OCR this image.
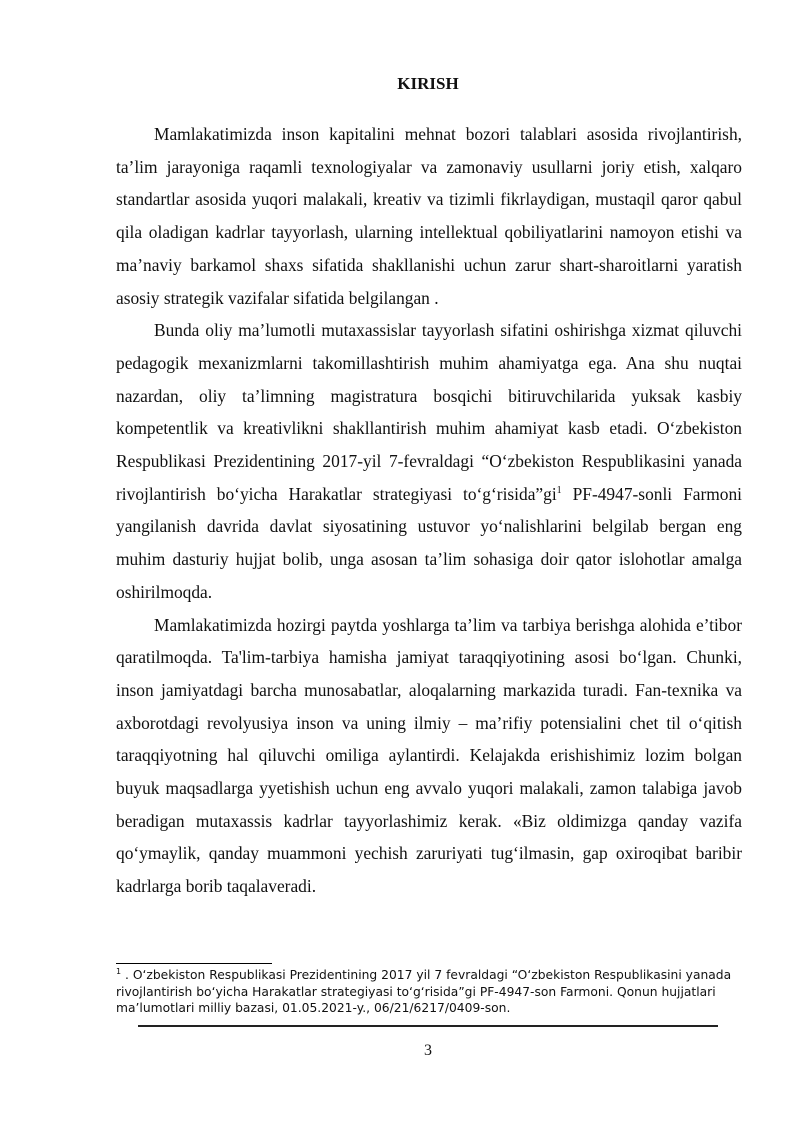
KIRISH

Mamlakatimizda inson kapitalini mehnat bozori talablari asosida rivojlantirish, ta’lim jarayoniga raqamli texnologiyalar va zamonaviy usullarni joriy etish, xalqaro standartlar asosida yuqori malakali, kreativ va tizimli fikrlaydigan, mustaqil qaror qabul qila oladigan kadrlar tayyorlash, ularning intellektual qobiliyatlarini namoyon etishi va ma’naviy barkamol shaxs sifatida shakllanishi uchun zarur shart-sharoitlarni yaratish asosiy strategik vazifalar sifatida belgilangan .

Bunda oliy ma’lumotli mutaxassislar tayyorlash sifatini oshirishga xizmat qiluvchi pedagogik mexanizmlarni takomillashtirish muhim ahamiyatga ega. Ana shu nuqtai nazardan, oliy ta’limning magistratura bosqichi bitiruvchilarida yuksak kasbiy kompetentlik va kreativlikni shakllantirish muhim ahamiyat kasb etadi. O‘zbekiston Respublikasi Prezidentining 2017-yil 7-fevraldagi “O‘zbekiston Respublikasini yanada rivojlantirish bo‘yicha Harakatlar strategiyasi to‘g‘risida”gi$^1$ PF-4947-sonli Farmoni yangilanish davrida davlat siyosatining ustuvor yo‘nalishlarini belgilab bergan eng muhim dasturiy hujjat bolib, unga asosan ta’lim sohasiga doir qator islohotlar amalga oshirilmoqda.

Mamlakatimizda hozirgi paytda yoshlarga ta’lim va tarbiya berishga alohida e’tibor qaratilmoqda. Ta'lim-tarbiya hamisha jamiyat taraqqiyotining asosi bo‘lgan. Chunki, inson jamiyatdagi barcha munosabatlar, aloqalarning markazida turadi. Fan-texnika va axborotdagi revolyusiya inson va uning ilmiy – ma’rifiy potensialini chet til o‘qitish taraqqiyotning hal qiluvchi omiliga aylantirdi. Kelajakda erishishimiz lozim bolgan buyuk maqsadlarga yyetishish uchun eng avvalo yuqori malakali, zamon talabiga javob beradigan mutaxassis kadrlar tayyorlashimiz kerak. «Biz oldimizga qanday vazifa qo‘ymaylik, qanday muammoni yechish zaruriyati tug‘ilmasin, gap oxiroqibat baribir kadrlarga borib taqalaveradi.

$^1$ . O‘zbekiston Respublikasi Prezidentining 2017 yil 7 fevraldagi “O‘zbekiston Respublikasini yanada rivojlantirish bo‘yicha Harakatlar strategiyasi to‘g‘risida”gi PF-4947-son Farmoni. Qonun hujjatlari ma’lumotlari milliy bazasi, 01.05.2021-y., 06/21/6217/0409-son.
3
